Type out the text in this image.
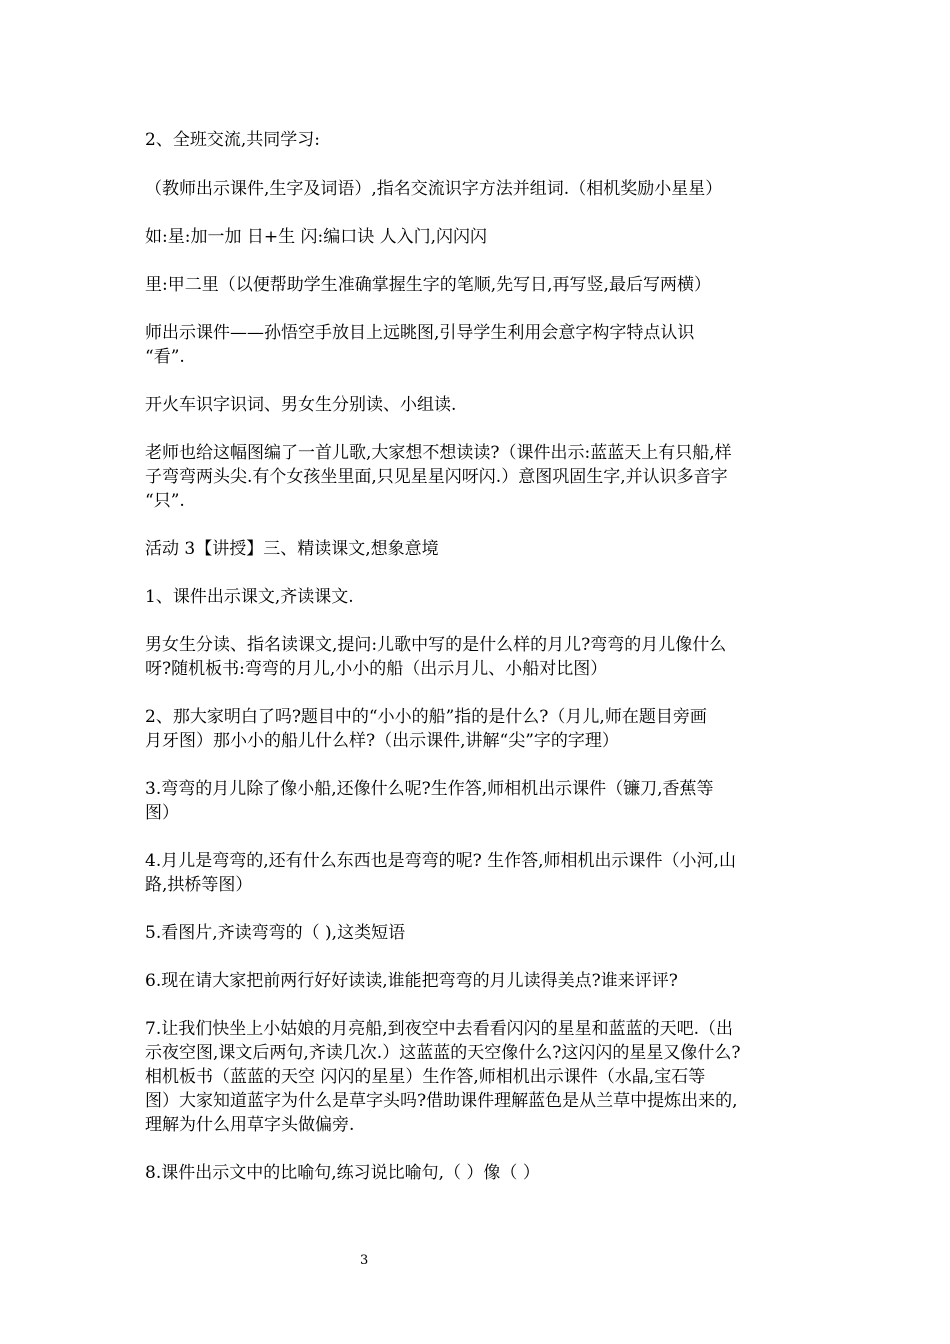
2、全班交流,共同学习:
（教师出示课件,生字及词语）,指名交流识字方法并组词.（相机奖励小星星）
如:星:加一加 日+生 闪:编口诀 人入门,闪闪闪
里:甲二里（以便帮助学生准确掌握生字的笔顺,先写日,再写竖,最后写两横）
师出示课件——孙悟空手放目上远眺图,引导学生利用会意字构字特点认识
“看”.
开火车识字识词、男女生分别读、小组读.
老师也给这幅图编了一首儿歌,大家想不想读读?（课件出示:蓝蓝天上有只船,样
子弯弯两头尖.有个女孩坐里面,只见星星闪呀闪.）意图巩固生字,并认识多音字
“只”.
活动 3【讲授】三、精读课文,想象意境
1、课件出示课文,齐读课文.
男女生分读、指名读课文,提问:儿歌中写的是什么样的月儿?弯弯的月儿像什么
呀?随机板书:弯弯的月儿,小小的船（出示月儿、小船对比图）
2、那大家明白了吗?题目中的“小小的船”指的是什么?（月儿,师在题目旁画
月牙图）那小小的船儿什么样?（出示课件,讲解“尖”字的字理）
3.弯弯的月儿除了像小船,还像什么呢?生作答,师相机出示课件（镰刀,香蕉等
图）
4.月儿是弯弯的,还有什么东西也是弯弯的呢? 生作答,师相机出示课件（小河,山
路,拱桥等图）
5.看图片,齐读弯弯的（ ),这类短语
6.现在请大家把前两行好好读读,谁能把弯弯的月儿读得美点?谁来评评?
7.让我们快坐上小姑娘的月亮船,到夜空中去看看闪闪的星星和蓝蓝的天吧.（出
示夜空图,课文后两句,齐读几次.）这蓝蓝的天空像什么?这闪闪的星星又像什么?
相机板书（蓝蓝的天空 闪闪的星星）生作答,师相机出示课件（水晶,宝石等
图）大家知道蓝字为什么是草字头吗?借助课件理解蓝色是从兰草中提炼出来的,
理解为什么用草字头做偏旁.
8.课件出示文中的比喻句,练习说比喻句,（ ）像（ ）
3
